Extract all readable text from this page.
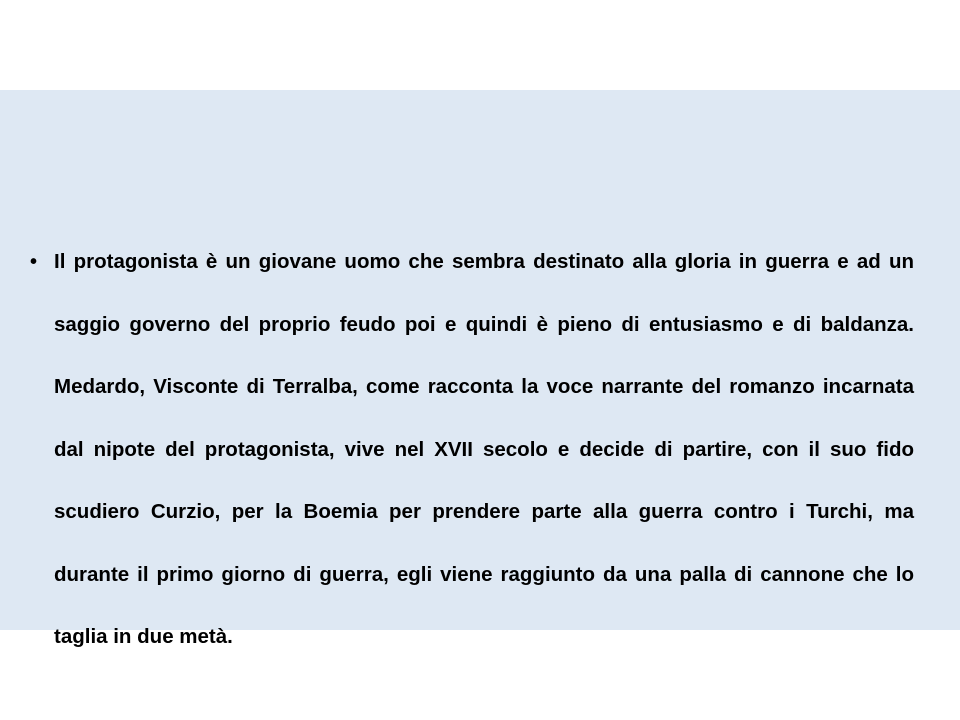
• Il protagonista è un giovane uomo che sembra destinato alla gloria in guerra e ad un saggio governo del proprio feudo poi e quindi è pieno di entusiasmo e di baldanza. Medardo, Visconte di Terralba, come racconta la voce narrante del romanzo incarnata dal nipote del protagonista, vive nel XVII secolo e decide di partire, con il suo fido scudiero Curzio, per la Boemia per prendere parte alla guerra contro i Turchi, ma durante il primo giorno di guerra, egli viene raggiunto da una palla di cannone che lo taglia in due metà.
